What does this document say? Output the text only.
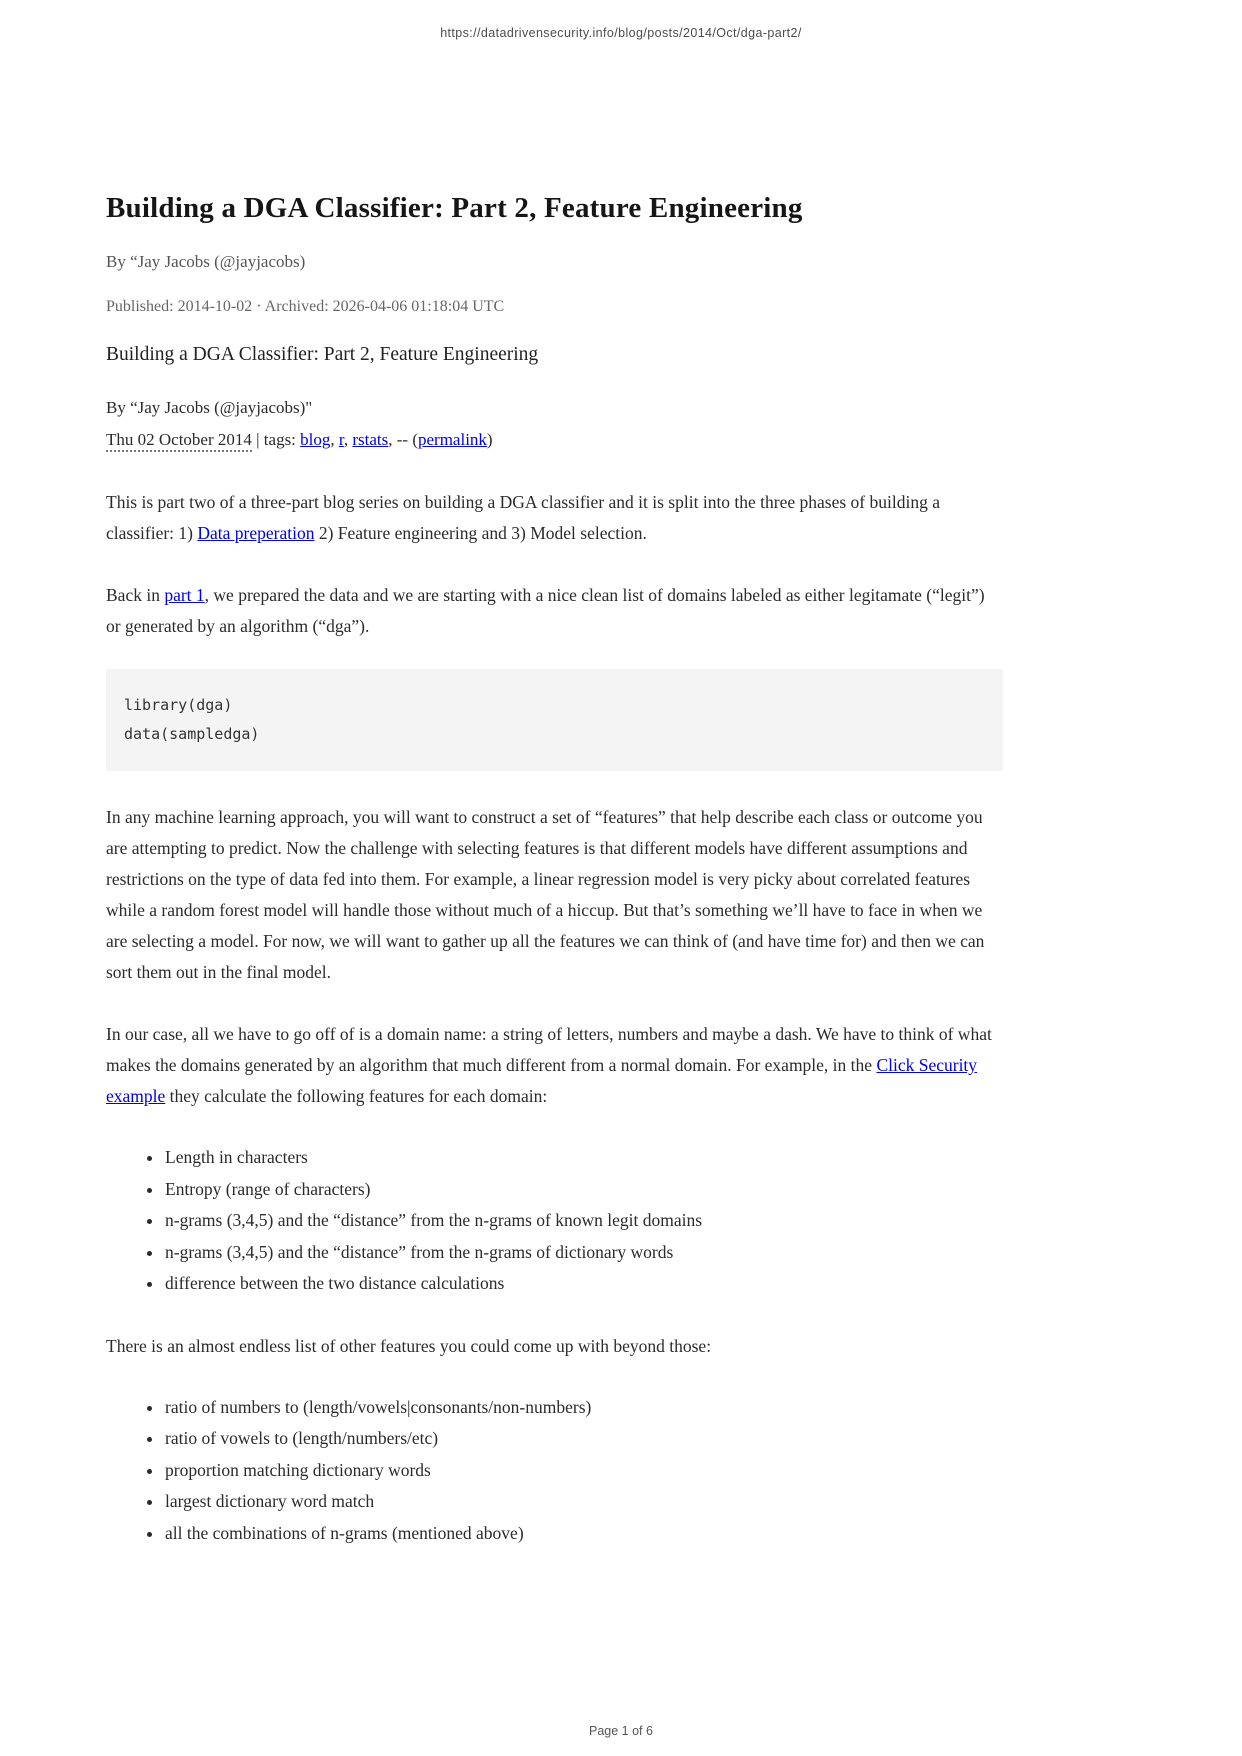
https://datadrivensecurity.info/blog/posts/2014/Oct/dga-part2/
Building a DGA Classifier: Part 2, Feature Engineering

By “Jay Jacobs (@jayjacobs)

Published: 2014-10-02 · Archived: 2026-04-06 01:18:04 UTC

Building a DGA Classifier: Part 2, Feature Engineering
By “Jay Jacobs (@jayjacobs)"
Thu 02 October 2014 | tags: blog, r, rstats, -- (permalink)

This is part two of a three-part blog series on building a DGA classifier and it is split into the three phases of building a classifier: 1) Data preperation 2) Feature engineering and 3) Model selection.

Back in part 1, we prepared the data and we are starting with a nice clean list of domains labeled as either legitamate (“legit”) or generated by an algorithm (“dga”).

library(dga)
data(sampledga)

In any machine learning approach, you will want to construct a set of “features” that help describe each class or outcome you are attempting to predict. Now the challenge with selecting features is that different models have different assumptions and restrictions on the type of data fed into them. For example, a linear regression model is very picky about correlated features while a random forest model will handle those without much of a hiccup. But that’s something we’ll have to face in when we are selecting a model. For now, we will want to gather up all the features we can think of (and have time for) and then we can sort them out in the final model.

In our case, all we have to go off of is a domain name: a string of letters, numbers and maybe a dash. We have to think of what makes the domains generated by an algorithm that much different from a normal domain. For example, in the Click Security example they calculate the following features for each domain:

• Length in characters
• Entropy (range of characters)
• n-grams (3,4,5) and the “distance” from the n-grams of known legit domains
• n-grams (3,4,5) and the “distance” from the n-grams of dictionary words
• difference between the two distance calculations

There is an almost endless list of other features you could come up with beyond those:

• ratio of numbers to (length/vowels|consonants/non-numbers)
• ratio of vowels to (length/numbers/etc)
• proportion matching dictionary words
• largest dictionary word match
• all the combinations of n-grams (mentioned above)
Page 1 of 6
